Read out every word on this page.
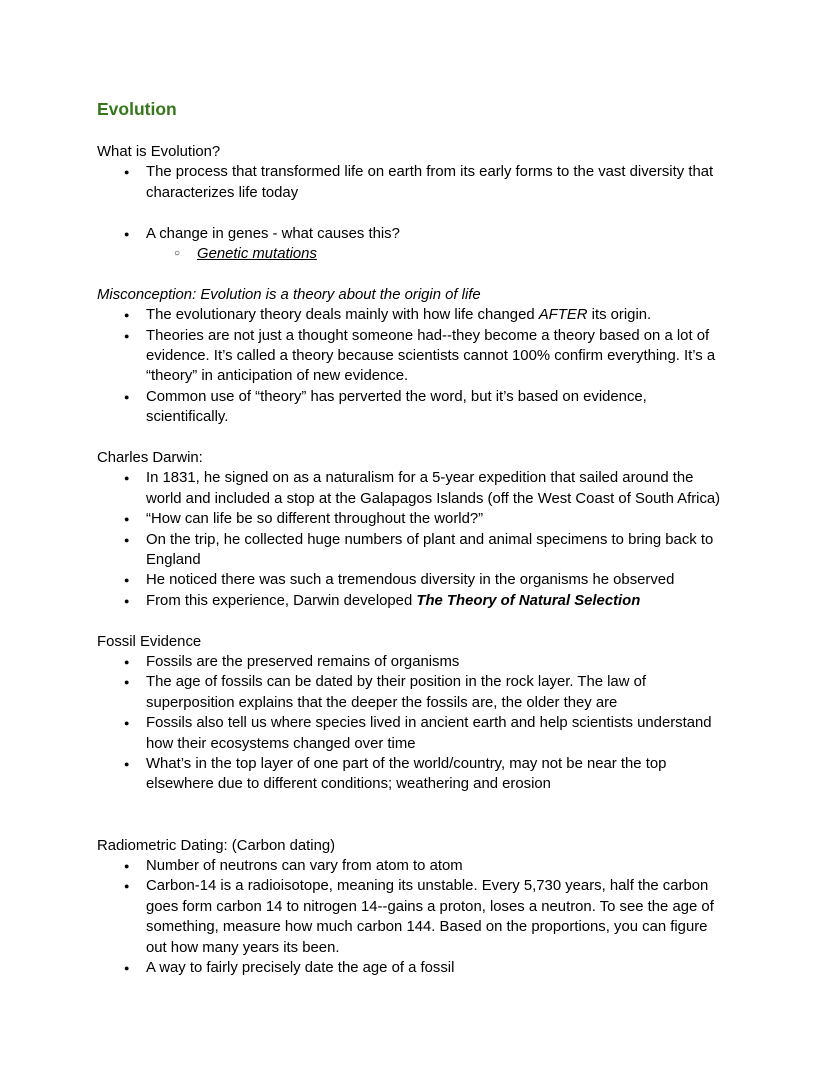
Evolution
What is Evolution?
● The process that transformed life on earth from its early forms to the vast diversity that characterizes life today
● A change in genes - what causes this?
○ Genetic mutations
Misconception: Evolution is a theory about the origin of life
● The evolutionary theory deals mainly with how life changed AFTER its origin.
● Theories are not just a thought someone had--they become a theory based on a lot of evidence. It’s called a theory because scientists cannot 100% confirm everything. It’s a “theory” in anticipation of new evidence.
● Common use of “theory” has perverted the word, but it’s based on evidence, scientifically.
Charles Darwin:
● In 1831, he signed on as a naturalism for a 5-year expedition that sailed around the world and included a stop at the Galapagos Islands (off the West Coast of South Africa)
● “How can life be so different throughout the world?”
● On the trip, he collected huge numbers of plant and animal specimens to bring back to England
● He noticed there was such a tremendous diversity in the organisms he observed
● From this experience, Darwin developed The Theory of Natural Selection
Fossil Evidence
● Fossils are the preserved remains of organisms
● The age of fossils can be dated by their position in the rock layer. The law of superposition explains that the deeper the fossils are, the older they are
● Fossils also tell us where species lived in ancient earth and help scientists understand how their ecosystems changed over time
● What’s in the top layer of one part of the world/country, may not be near the top elsewhere due to different conditions; weathering and erosion
Radiometric Dating: (Carbon dating)
● Number of neutrons can vary from atom to atom
● Carbon-14 is a radioisotope, meaning its unstable. Every 5,730 years, half the carbon goes form carbon 14 to nitrogen 14--gains a proton, loses a neutron. To see the age of something, measure how much carbon 144. Based on the proportions, you can figure out how many years its been.
● A way to fairly precisely date the age of a fossil
